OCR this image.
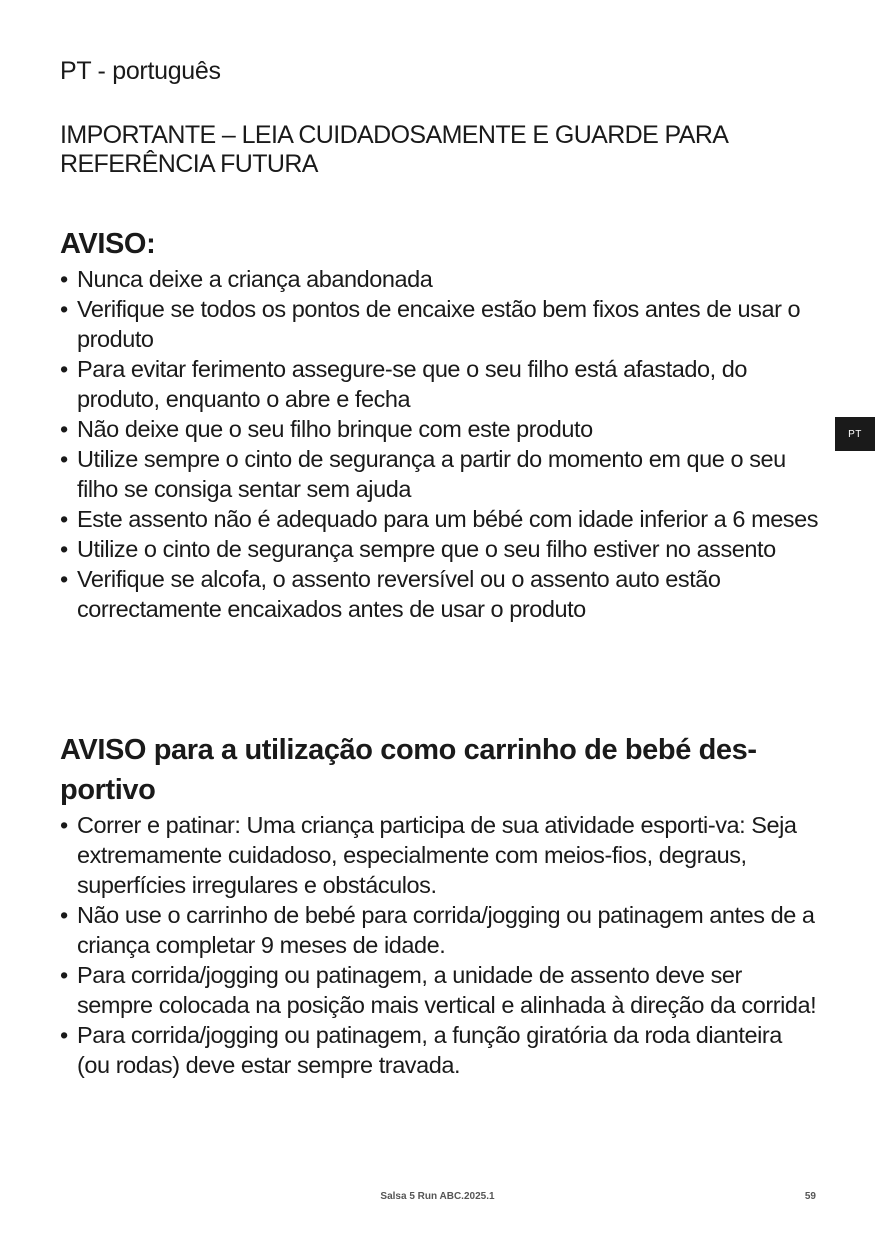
PT - português
IMPORTANTE – LEIA CUIDADOSAMENTE E GUARDE PARA REFERÊNCIA FUTURA
AVISO:
• Nunca deixe a criança abandonada
• Verifique se todos os pontos de encaixe estão bem fixos antes de usar o produto
• Para evitar ferimento assegure-se que o seu filho está afastado, do produto, enquanto o abre e fecha
• Não deixe que o seu filho brinque com este produto
• Utilize sempre o cinto de segurança a partir do momento em que o seu filho se consiga sentar sem ajuda
• Este assento não é adequado para um bébé com idade inferior a 6 meses
• Utilize o cinto de segurança sempre que o seu filho estiver no assento
• Verifique se alcofa, o assento reversível ou o assento auto estão correctamente encaixados antes de usar o produto
AVISO para a utilização como carrinho de bebé des-portivo
• Correr e patinar: Uma criança participa de sua atividade esporti-va: Seja extremamente cuidadoso, especialmente com meios-fios, degraus, superfícies irregulares e obstáculos.
• Não use o carrinho de bebé para corrida/jogging ou patinagem antes de a criança completar 9 meses de idade.
• Para corrida/jogging ou patinagem, a unidade de assento deve ser sempre colocada na posição mais vertical e alinhada à direção da corrida!
• Para corrida/jogging ou patinagem, a função giratória da roda dianteira (ou rodas) deve estar sempre travada.
PT
Salsa 5 Run ABC.2025.1	59
